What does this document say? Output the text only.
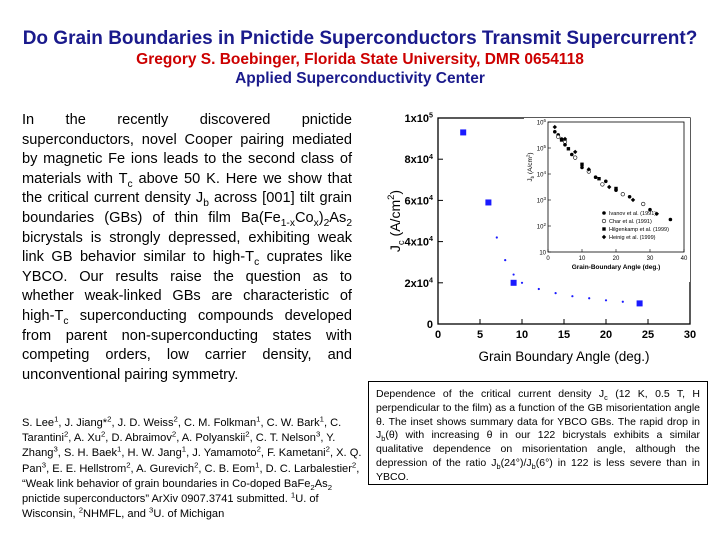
Do Grain Boundaries in Pnictide Superconductors Transmit Supercurrent?
Gregory S. Boebinger, Florida State University, DMR 0654118
Applied Superconductivity Center
In the recently discovered pnictide superconductors, novel Cooper pairing mediated by magnetic Fe ions leads to the second class of materials with $T_c$ above 50 K. Here we show that the critical current density $J_b$ across [001] tilt grain boundaries (GBs) of thin film $Ba(Fe_{1-x}Co_x)_2As_2$ bicrystals is strongly depressed, exhibiting weak link GB behavior similar to high-$T_c$ cuprates like YBCO. Our results raise the question as to whether weak-linked GBs are characteristic of high-$T_c$ superconducting compounds developed from parent non-superconducting states with competing orders, low carrier density, and unconventional pairing symmetry.
S. Lee$^1$, J. Jiang*$^2$, J. D. Weiss$^2$, C. M. Folkman$^1$, C. W. Bark$^1$, C. Tarantini$^2$, A. Xu$^2$, D. Abraimov$^2$, A. Polyanskii$^2$, C. T. Nelson$^3$, Y. Zhang$^3$, S. H. Baek$^1$, H. W. Jang$^1$, J. Yamamoto$^2$, F. Kametani$^2$, X. Q. Pan$^3$, E. E. Hellstrom$^2$, A. Gurevich$^2$, C. B. Eom$^1$, D. C. Larbalestier$^2$, “Weak link behavior of grain boundaries in Co-doped $BaFe_2As_2$ pnictide superconductors” ArXiv 0907.3741 submitted. $^1$U. of Wisconsin, $^2$NHMFL, and $^3$U. of Michigan
0	5	10	15	20	25	30
0
$2x10^4$
$4x10^4$
$6x10^4$
$8x10^4$
$1x10^5$
Grain Boundary Angle (deg.)
$J_c$ $(A/cm^2)$
$10^6$
$10^5$
$10^4$
$10^3$
$10^2$
10
0	10	20	30	40
Grain-Boundary Angle (deg.)
$J_b$ $(A/cm^2)$
Ivanov et al. (1991)
Char et al. (1991)
Hilgenkamp et al. (1999)
Heinig et al. (1999)
Dependence of the critical current density $J_c$ (12 K, 0.5 T, H perpendicular to the film) as a function of the GB misorientation angle θ. The inset shows summary data for YBCO GBs. The rapid drop in $J_b(\theta)$ with increasing θ in our 122 bicrystals exhibits a similar qualitative dependence on misorientation angle, although the depression of the ratio $J_b(24^\circ)/J_b(6^\circ)$ in 122 is less severe than in YBCO.
